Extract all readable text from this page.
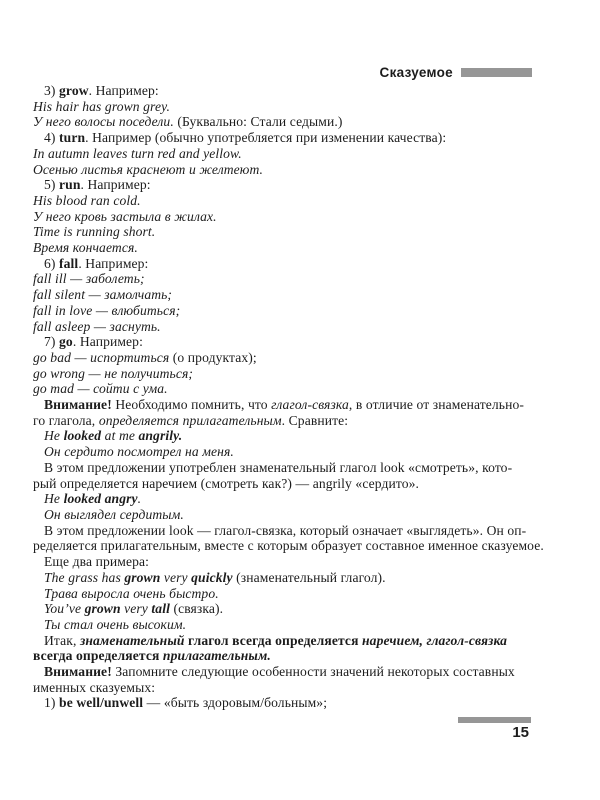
Сказуемое
3) grow. Например:
His hair has grown grey.
У него волосы поседели. (Буквально: Стали седыми.)
4) turn. Например (обычно употребляется при изменении качества):
In autumn leaves turn red and yellow.
Осенью листья краснеют и желтеют.
5) run. Например:
His blood ran cold.
У него кровь застыла в жилах.
Time is running short.
Время кончается.
6) fall. Например:
fall ill — заболеть;
fall silent — замолчать;
fall in love — влюбиться;
fall asleep — заснуть.
7) go. Например:
go bad — испортиться (о продуктах);
go wrong — не получиться;
go mad — сойти с ума.
Внимание! Необходимо помнить, что глагол-связка, в отличие от знаменательно-
го глагола, определяется прилагательным. Сравните:
He looked at me angrily.
Он сердито посмотрел на меня.
В этом предложении употреблен знаменательный глагол look «смотреть», кото-
рый определяется наречием (смотреть как?) — angrily «сердито».
He looked angry.
Он выглядел сердитым.
В этом предложении look — глагол-связка, который означает «выглядеть». Он оп-
ределяется прилагательным, вместе с которым образует составное именное сказуемое.
Еще два примера:
The grass has grown very quickly (знаменательный глагол).
Трава выросла очень быстро.
You’ve grown very tall (связка).
Ты стал очень высоким.
Итак, знаменательный глагол всегда определяется наречием, глагол-связка
всегда определяется прилагательным.
Внимание! Запомните следующие особенности значений некоторых составных
именных сказуемых:
1) be well/unwell — «быть здоровым/больным»;
15
